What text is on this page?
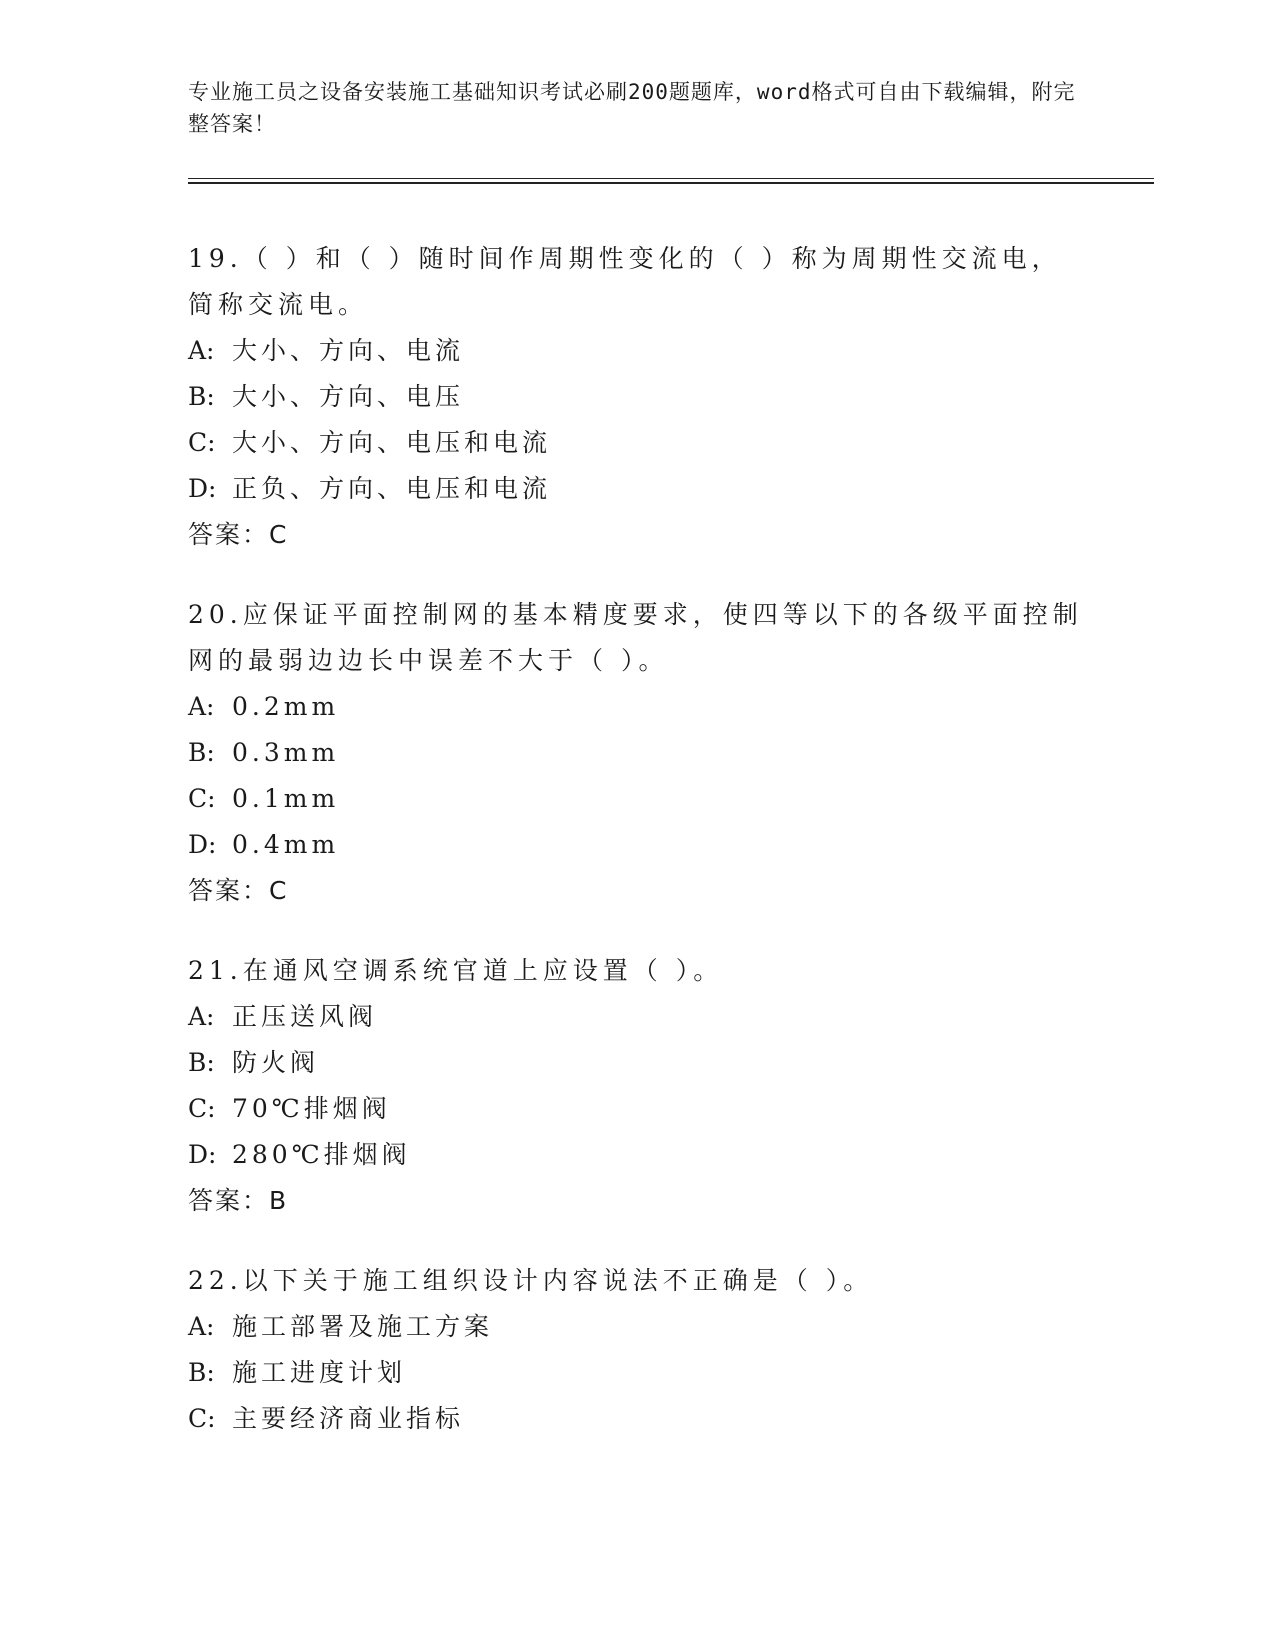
专业施工员之设备安装施工基础知识考试必刷200题题库，word格式可自由下载编辑，附完整答案！

19.（ ）和（ ）随时间作周期性变化的（ ）称为周期性交流电，简称交流电。

A: 大小、方向、电流
B: 大小、方向、电压
C: 大小、方向、电压和电流
D: 正负、方向、电压和电流
答案：C

20.应保证平面控制网的基本精度要求，使四等以下的各级平面控制网的最弱边边长中误差不大于（ ）。

A: 0.2mm
B: 0.3mm
C: 0.1mm
D: 0.4mm
答案：C

21.在通风空调系统官道上应设置（ ）。

A: 正压送风阀
B: 防火阀
C: 70℃排烟阀
D: 280℃排烟阀
答案：B

22.以下关于施工组织设计内容说法不正确是（ ）。

A: 施工部署及施工方案
B: 施工进度计划
C: 主要经济商业指标
